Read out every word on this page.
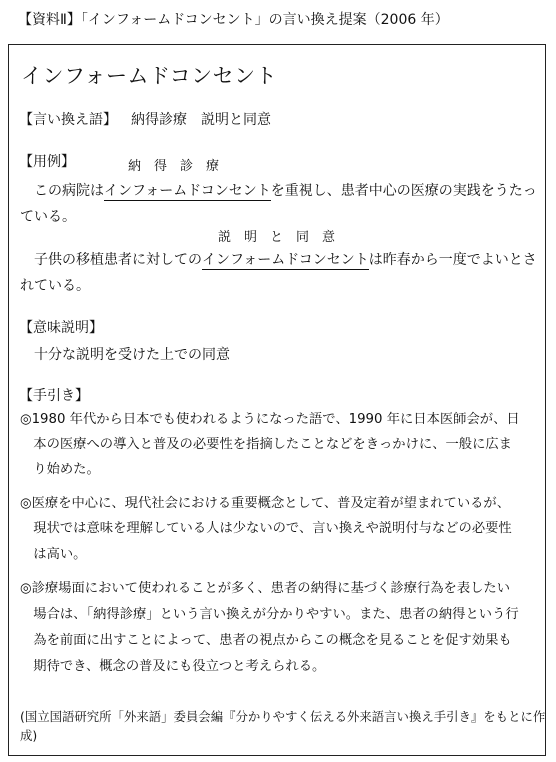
【資料Ⅱ】「インフォームドコンセント」の言い換え提案（2006 年）
インフォームドコンセント
【言い換え語】 納得診療　説明と同意
【用例】	納　得　診　療
　この病院はインフォームドコンセントを重視し、患者中心の医療の実践をうたっ
ている。
説　明　と　同　意
　子供の移植患者に対してのインフォームドコンセントは昨春から一度でよいとさ
れている。
【意味説明】
　十分な説明を受けた上での同意
【手引き】
◎1980 年代から日本でも使われるようになった語で、1990 年に日本医師会が、日
　本の医療への導入と普及の必要性を指摘したことなどをきっかけに、一般に広ま
　り始めた。
◎医療を中心に、現代社会における重要概念として、普及定着が望まれているが、
　現状では意味を理解している人は少ないので、言い換えや説明付与などの必要性
　は高い。
◎診療場面において使われることが多く、患者の納得に基づく診療行為を表したい
　場合は、「納得診療」という言い換えが分かりやすい。また、患者の納得という行
　為を前面に出すことによって、患者の視点からこの概念を見ることを促す効果も
　期待でき、概念の普及にも役立つと考えられる。
(国立国語研究所「外来語」委員会編『分かりやすく伝える外来語言い換え手引き』をもとに作
成)
